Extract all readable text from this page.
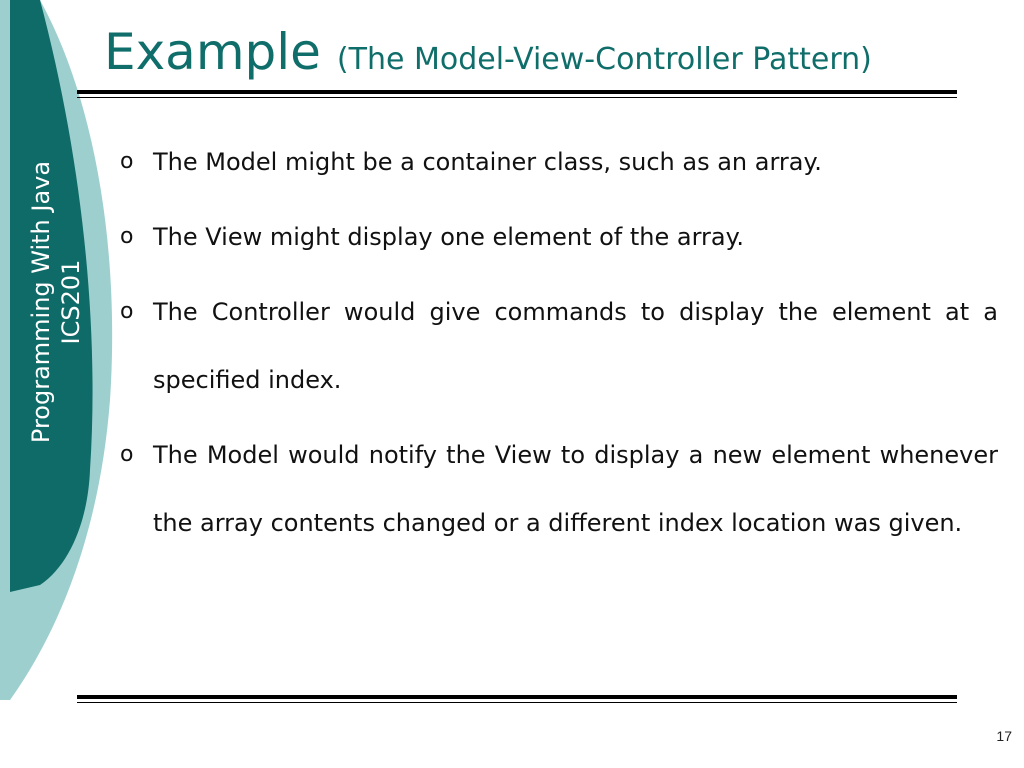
Programming With Java ICS201
Example (The Model-View-Controller Pattern)
o The Model might be a container class, such as an array.
o The View might display one element of the array.
o The Controller would give commands to display the element at a specified index.
o The Model would notify the View to display a new element whenever the array contents changed or a different index location was given.
17
